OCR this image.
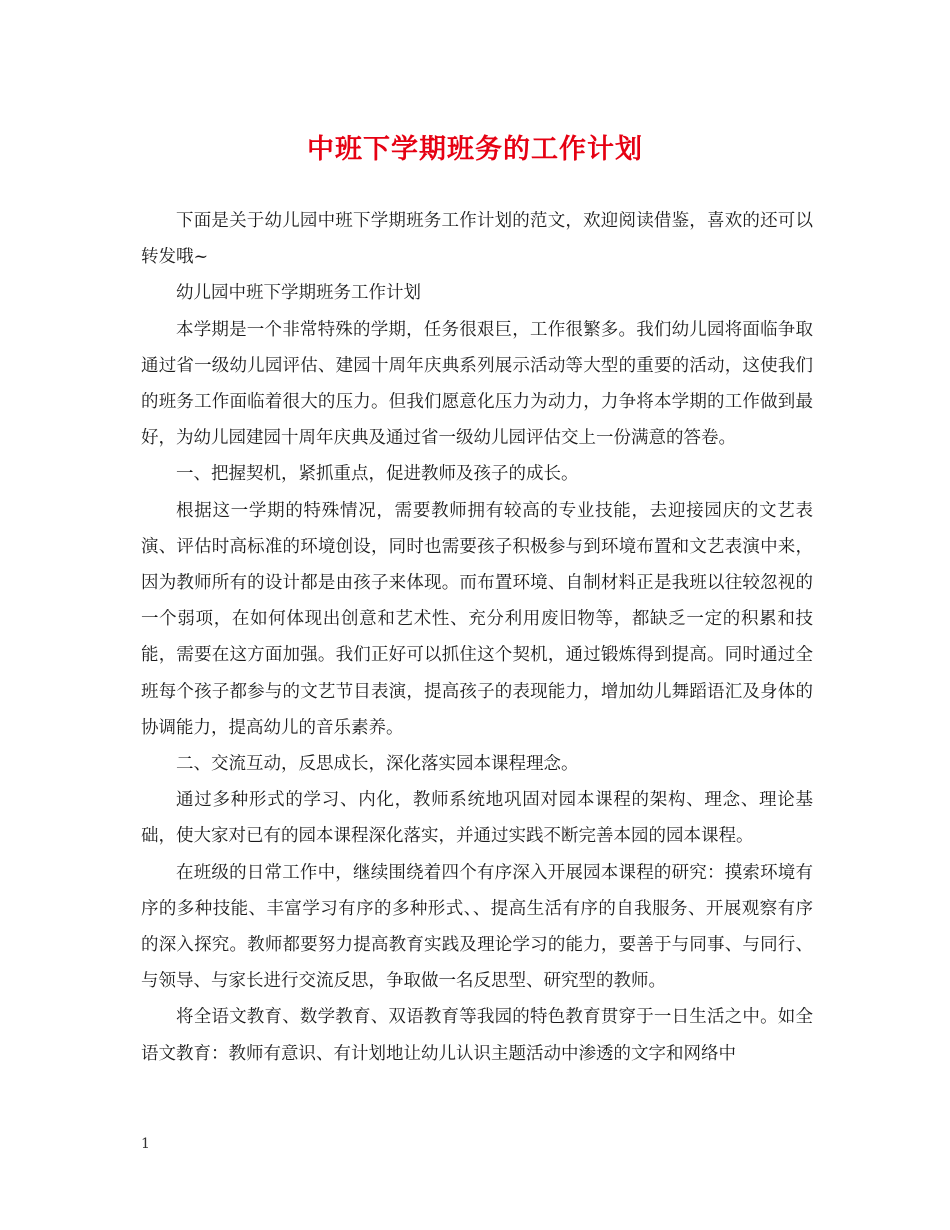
中班下学期班务的工作计划

下面是关于幼儿园中班下学期班务工作计划的范文，欢迎阅读借鉴，喜欢的还可以转发哦~

幼儿园中班下学期班务工作计划

本学期是一个非常特殊的学期，任务很艰巨，工作很繁多。我们幼儿园将面临争取通过省一级幼儿园评估、建园十周年庆典系列展示活动等大型的重要的活动，这使我们的班务工作面临着很大的压力。但我们愿意化压力为动力，力争将本学期的工作做到最好，为幼儿园建园十周年庆典及通过省一级幼儿园评估交上一份满意的答卷。

一、把握契机，紧抓重点，促进教师及孩子的成长。

根据这一学期的特殊情况，需要教师拥有较高的专业技能，去迎接园庆的文艺表演、评估时高标准的环境创设，同时也需要孩子积极参与到环境布置和文艺表演中来，因为教师所有的设计都是由孩子来体现。而布置环境、自制材料正是我班以往较忽视的一个弱项，在如何体现出创意和艺术性、充分利用废旧物等，都缺乏一定的积累和技能，需要在这方面加强。我们正好可以抓住这个契机，通过锻炼得到提高。同时通过全班每个孩子都参与的文艺节目表演，提高孩子的表现能力，增加幼儿舞蹈语汇及身体的协调能力，提高幼儿的音乐素养。

二、交流互动，反思成长，深化落实园本课程理念。

通过多种形式的学习、内化，教师系统地巩固对园本课程的架构、理念、理论基础，使大家对已有的园本课程深化落实，并通过实践不断完善本园的园本课程。

在班级的日常工作中，继续围绕着四个有序深入开展园本课程的研究：摸索环境有序的多种技能、丰富学习有序的多种形式、、提高生活有序的自我服务、开展观察有序的深入探究。教师都要努力提高教育实践及理论学习的能力，要善于与同事、与同行、与领导、与家长进行交流反思，争取做一名反思型、研究型的教师。

将全语文教育、数学教育、双语教育等我园的特色教育贯穿于一日生活之中。如全语文教育：教师有意识、有计划地让幼儿认识主题活动中渗透的文字和网络中

1
